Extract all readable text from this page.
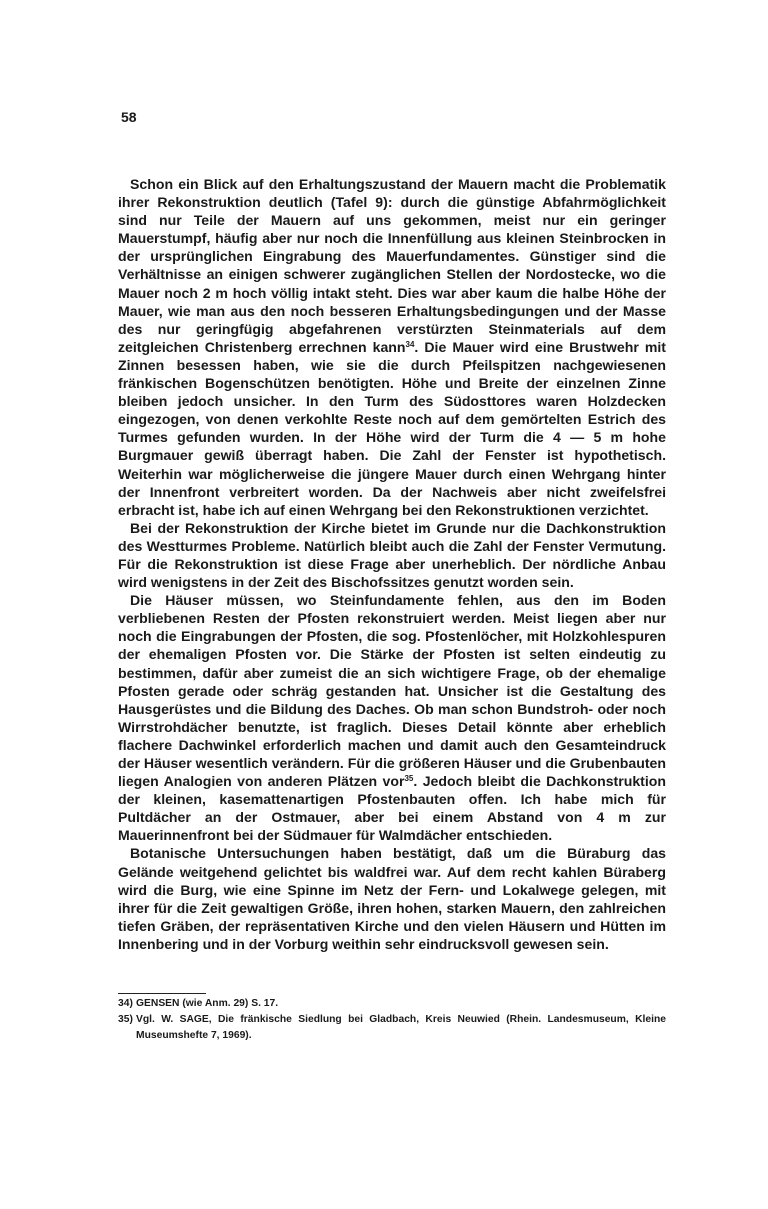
58

Schon ein Blick auf den Erhaltungszustand der Mauern macht die Problematik ihrer Rekonstruktion deutlich (Tafel 9): durch die günstige Abfahrmöglichkeit sind nur Teile der Mauern auf uns gekommen, meist nur ein geringer Mauerstumpf, häufig aber nur noch die Innenfüllung aus kleinen Steinbrocken in der ursprünglichen Eingrabung des Mauerfundamentes. Günstiger sind die Verhältnisse an einigen schwerer zugänglichen Stellen der Nordostecke, wo die Mauer noch 2 m hoch völlig intakt steht. Dies war aber kaum die halbe Höhe der Mauer, wie man aus den noch besseren Erhaltungsbedingungen und der Masse des nur geringfügig abgefahrenen verstürzten Steinmaterials auf dem zeitgleichen Christenberg errechnen kann$^{34}$. Die Mauer wird eine Brustwehr mit Zinnen besessen haben, wie sie die durch Pfeilspitzen nachgewiesenen fränkischen Bogenschützen benötigten. Höhe und Breite der einzelnen Zinne bleiben jedoch unsicher. In den Turm des Südosttores waren Holzdecken eingezogen, von denen verkohlte Reste noch auf dem gemörtelten Estrich des Turmes gefunden wurden. In der Höhe wird der Turm die 4 — 5 m hohe Burgmauer gewiß überragt haben. Die Zahl der Fenster ist hypothetisch. Weiterhin war möglicherweise die jüngere Mauer durch einen Wehrgang hinter der Innenfront verbreitert worden. Da der Nachweis aber nicht zweifelsfrei erbracht ist, habe ich auf einen Wehrgang bei den Rekonstruktionen verzichtet.

Bei der Rekonstruktion der Kirche bietet im Grunde nur die Dachkonstruktion des Westturmes Probleme. Natürlich bleibt auch die Zahl der Fenster Vermutung. Für die Rekonstruktion ist diese Frage aber unerheblich. Der nördliche Anbau wird wenigstens in der Zeit des Bischofssitzes genutzt worden sein.

Die Häuser müssen, wo Steinfundamente fehlen, aus den im Boden verbliebenen Resten der Pfosten rekonstruiert werden. Meist liegen aber nur noch die Eingrabungen der Pfosten, die sog. Pfostenlöcher, mit Holzkohlespuren der ehemaligen Pfosten vor. Die Stärke der Pfosten ist selten eindeutig zu bestimmen, dafür aber zumeist die an sich wichtigere Frage, ob der ehemalige Pfosten gerade oder schräg gestanden hat. Unsicher ist die Gestaltung des Hausgerüstes und die Bildung des Daches. Ob man schon Bundstroh- oder noch Wirrstrohdächer benutzte, ist fraglich. Dieses Detail könnte aber erheblich flachere Dachwinkel erforderlich machen und damit auch den Gesamteindruck der Häuser wesentlich verändern. Für die größeren Häuser und die Grubenbauten liegen Analogien von anderen Plätzen vor$^{35}$. Jedoch bleibt die Dachkonstruktion der kleinen, kasemattenartigen Pfostenbauten offen. Ich habe mich für Pultdächer an der Ostmauer, aber bei einem Abstand von 4 m zur Mauerinnenfront bei der Südmauer für Walmdächer entschieden.

Botanische Untersuchungen haben bestätigt, daß um die Büraburg das Gelände weitgehend gelichtet bis waldfrei war. Auf dem recht kahlen Büraberg wird die Burg, wie eine Spinne im Netz der Fern- und Lokalwege gelegen, mit ihrer für die Zeit gewaltigen Größe, ihren hohen, starken Mauern, den zahlreichen tiefen Gräben, der repräsentativen Kirche und den vielen Häusern und Hütten im Innenbering und in der Vorburg weithin sehr eindrucksvoll gewesen sein.

34) GENSEN (wie Anm. 29) S. 17.
35) Vgl. W. SAGE, Die fränkische Siedlung bei Gladbach, Kreis Neuwied (Rhein. Landesmuseum, Kleine Museumshefte 7, 1969).
